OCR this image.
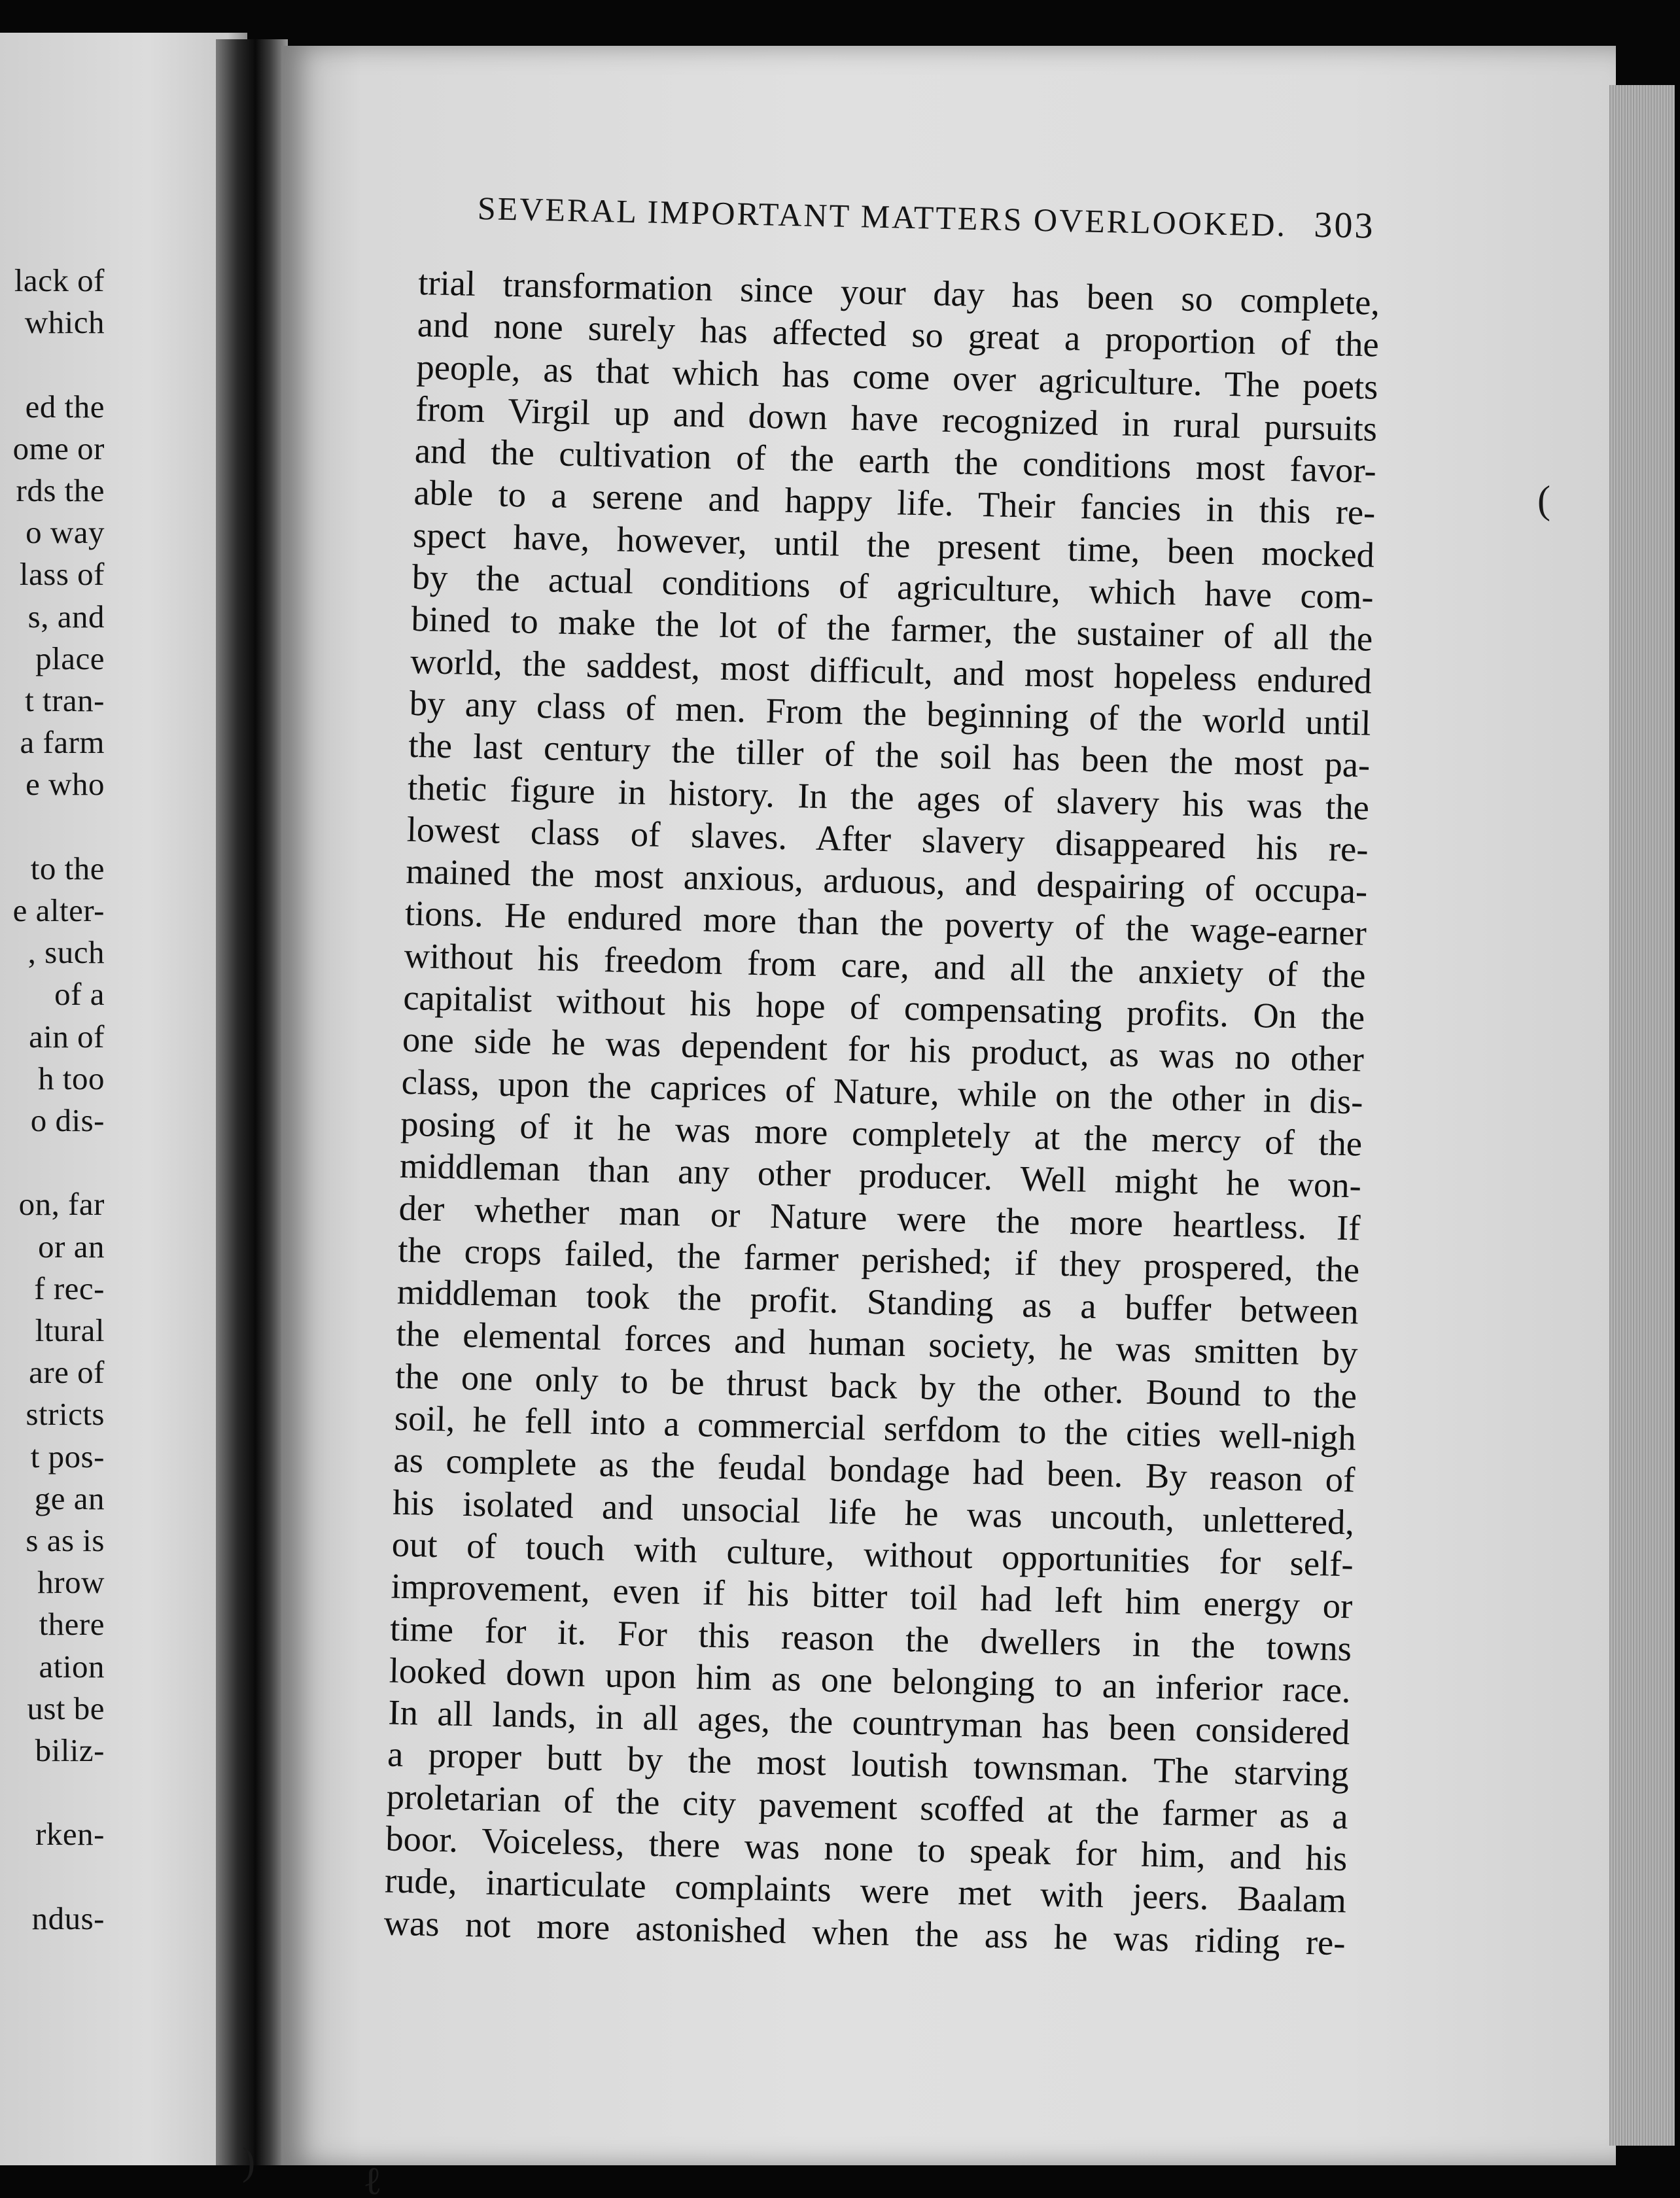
lack of
which
ed the
ome or
rds the
o way
lass of
s, and
place
t tran-
a farm
e who
to the
e alter-
, such
of a
ain of
h too
o dis-
on, far
or an
f rec-
ltural
are of
stricts
t pos-
ge an
s as is
hrow
there
ation
ust be
biliz-
rken-
ndus-
SEVERAL IMPORTANT MATTERS OVERLOOKED. 303
trial transformation since your day has been so complete,
and none surely has affected so great a proportion of the
people, as that which has come over agriculture. The poets
from Virgil up and down have recognized in rural pursuits
and the cultivation of the earth the conditions most favor-
able to a serene and happy life. Their fancies in this re-
spect have, however, until the present time, been mocked
by the actual conditions of agriculture, which have com-
bined to make the lot of the farmer, the sustainer of all the
world, the saddest, most difficult, and most hopeless endured
by any class of men. From the beginning of the world until
the last century the tiller of the soil has been the most pa-
thetic figure in history. In the ages of slavery his was the
lowest class of slaves. After slavery disappeared his re-
mained the most anxious, arduous, and despairing of occupa-
tions. He endured more than the poverty of the wage-earner
without his freedom from care, and all the anxiety of the
capitalist without his hope of compensating profits. On the
one side he was dependent for his product, as was no other
class, upon the caprices of Nature, while on the other in dis-
posing of it he was more completely at the mercy of the
middleman than any other producer. Well might he won-
der whether man or Nature were the more heartless. If
the crops failed, the farmer perished; if they prospered, the
middleman took the profit. Standing as a buffer between
the elemental forces and human society, he was smitten by
the one only to be thrust back by the other. Bound to the
soil, he fell into a commercial serfdom to the cities well-nigh
as complete as the feudal bondage had been. By reason of
his isolated and unsocial life he was uncouth, unlettered,
out of touch with culture, without opportunities for self-
improvement, even if his bitter toil had left him energy or
time for it. For this reason the dwellers in the towns
looked down upon him as one belonging to an inferior race.
In all lands, in all ages, the countryman has been considered
a proper butt by the most loutish townsman. The starving
proletarian of the city pavement scoffed at the farmer as a
boor. Voiceless, there was none to speak for him, and his
rude, inarticulate complaints were met with jeers. Baalam
was not more astonished when the ass he was riding re-
(
)	ℓ
